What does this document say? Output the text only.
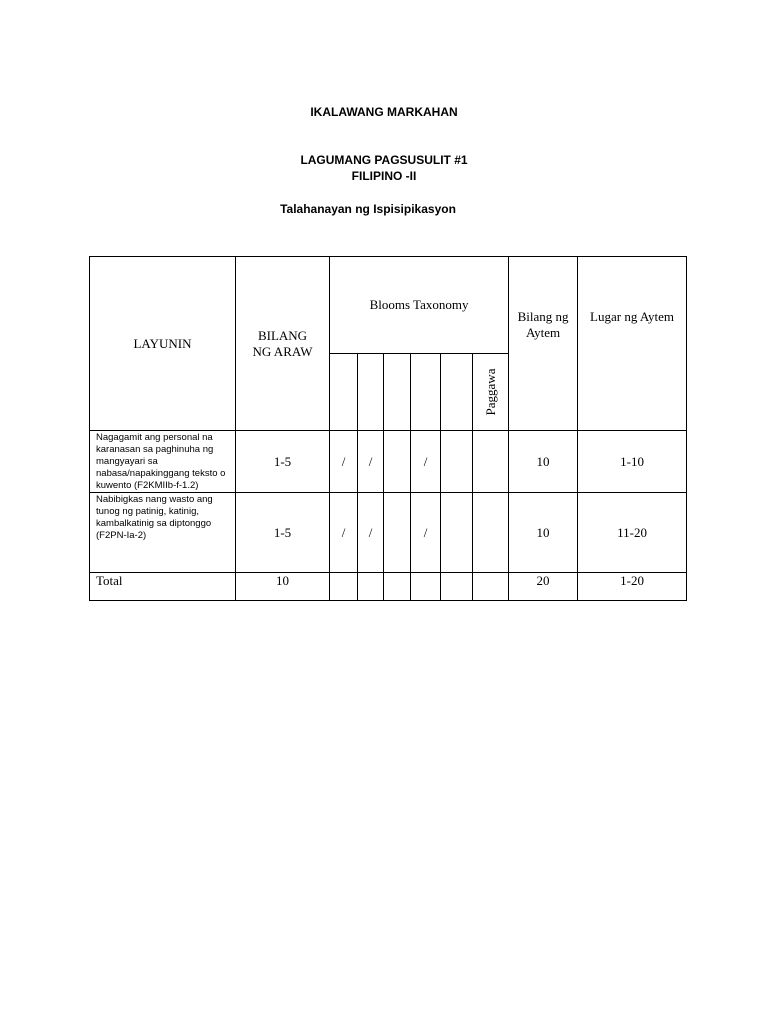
IKALAWANG MARKAHAN
LAGUMANG PAGSUSULIT #1
FILIPINO -II
Talahanayan ng Ispisipikasyon
LAYUNIN	BILANG NG ARAW	Blooms Taxonomy						Bilang ng Aytem	Lugar ng Aytem

							Paggawa		

Nagagamit ang personal na karanasan sa paghinuha ng mangyayari sa nabasa/napakinggang teksto o kuwento (F2KMIIb-f-1.2)	1-5	/	/		/			10	1-10

Nabibigkas nang wasto ang tunog ng patinig, katinig, kambalkatinig sa diptonggo (F2PN-Ia-2)	1-5	/	/		/			10	11-20

Total	10							20	1-20
